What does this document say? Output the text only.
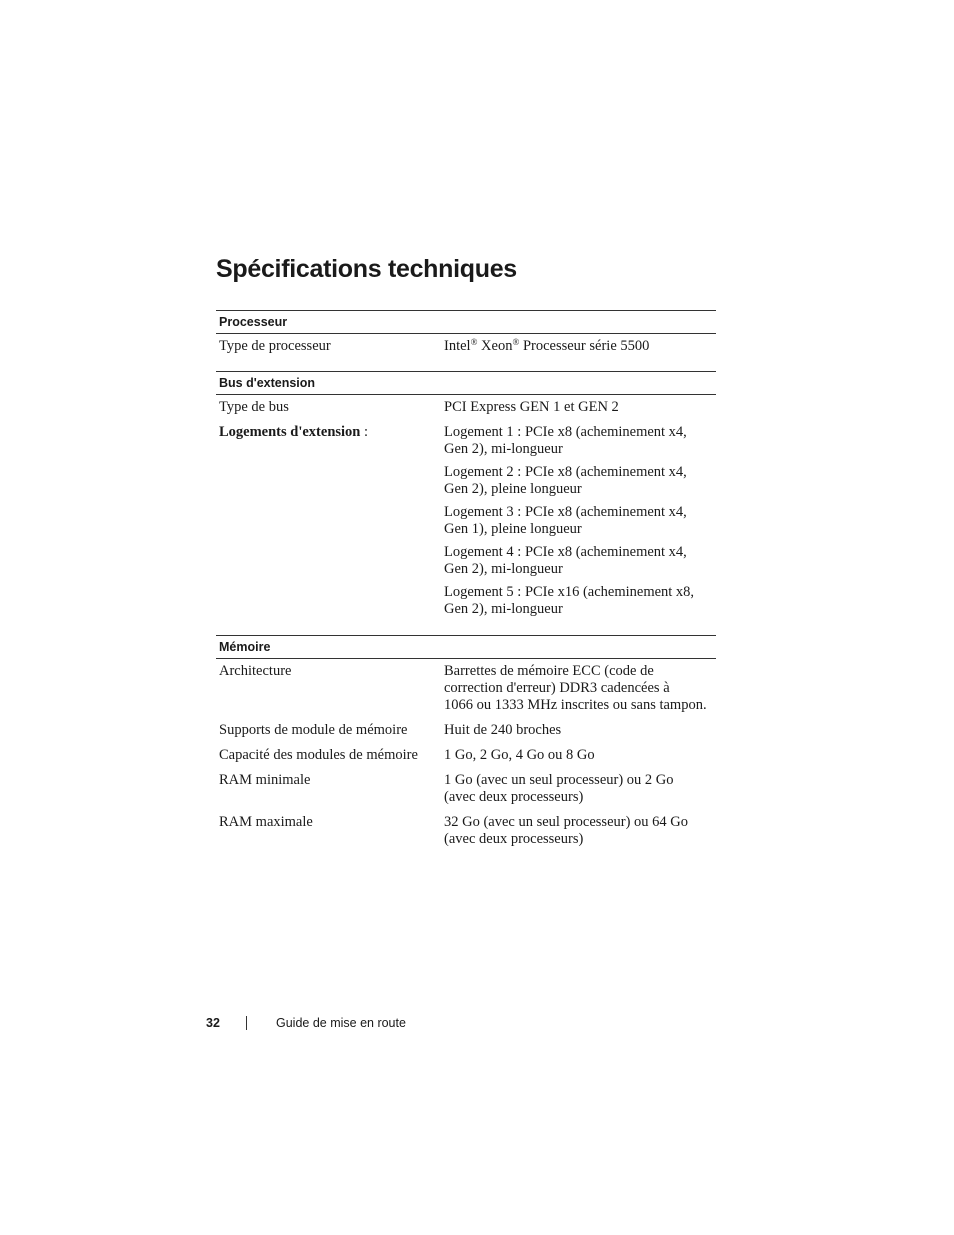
Spécifications techniques
Processeur
Type de processeur	Intel® Xeon® Processeur série 5500
Bus d'extension
Type de bus	PCI Express GEN 1 et GEN 2
Logements d'extension :	Logement 1 : PCIe x8 (acheminement x4,
Gen 2), mi-longueur
Logement 2 : PCIe x8 (acheminement x4,
Gen 2), pleine longueur
Logement 3 : PCIe x8 (acheminement x4,
Gen 1), pleine longueur
Logement 4 : PCIe x8 (acheminement x4,
Gen 2), mi-longueur
Logement 5 : PCIe x16 (acheminement x8,
Gen 2), mi-longueur
Mémoire
Architecture	Barrettes de mémoire ECC (code de
correction d'erreur) DDR3 cadencées à
1066 ou 1333 MHz inscrites ou sans tampon.
Supports de module de mémoire	Huit de 240 broches
Capacité des modules de mémoire	1 Go, 2 Go, 4 Go ou 8 Go
RAM minimale	1 Go (avec un seul processeur) ou 2 Go
(avec deux processeurs)
RAM maximale	32 Go (avec un seul processeur) ou 64 Go
(avec deux processeurs)
32	Guide de mise en route
